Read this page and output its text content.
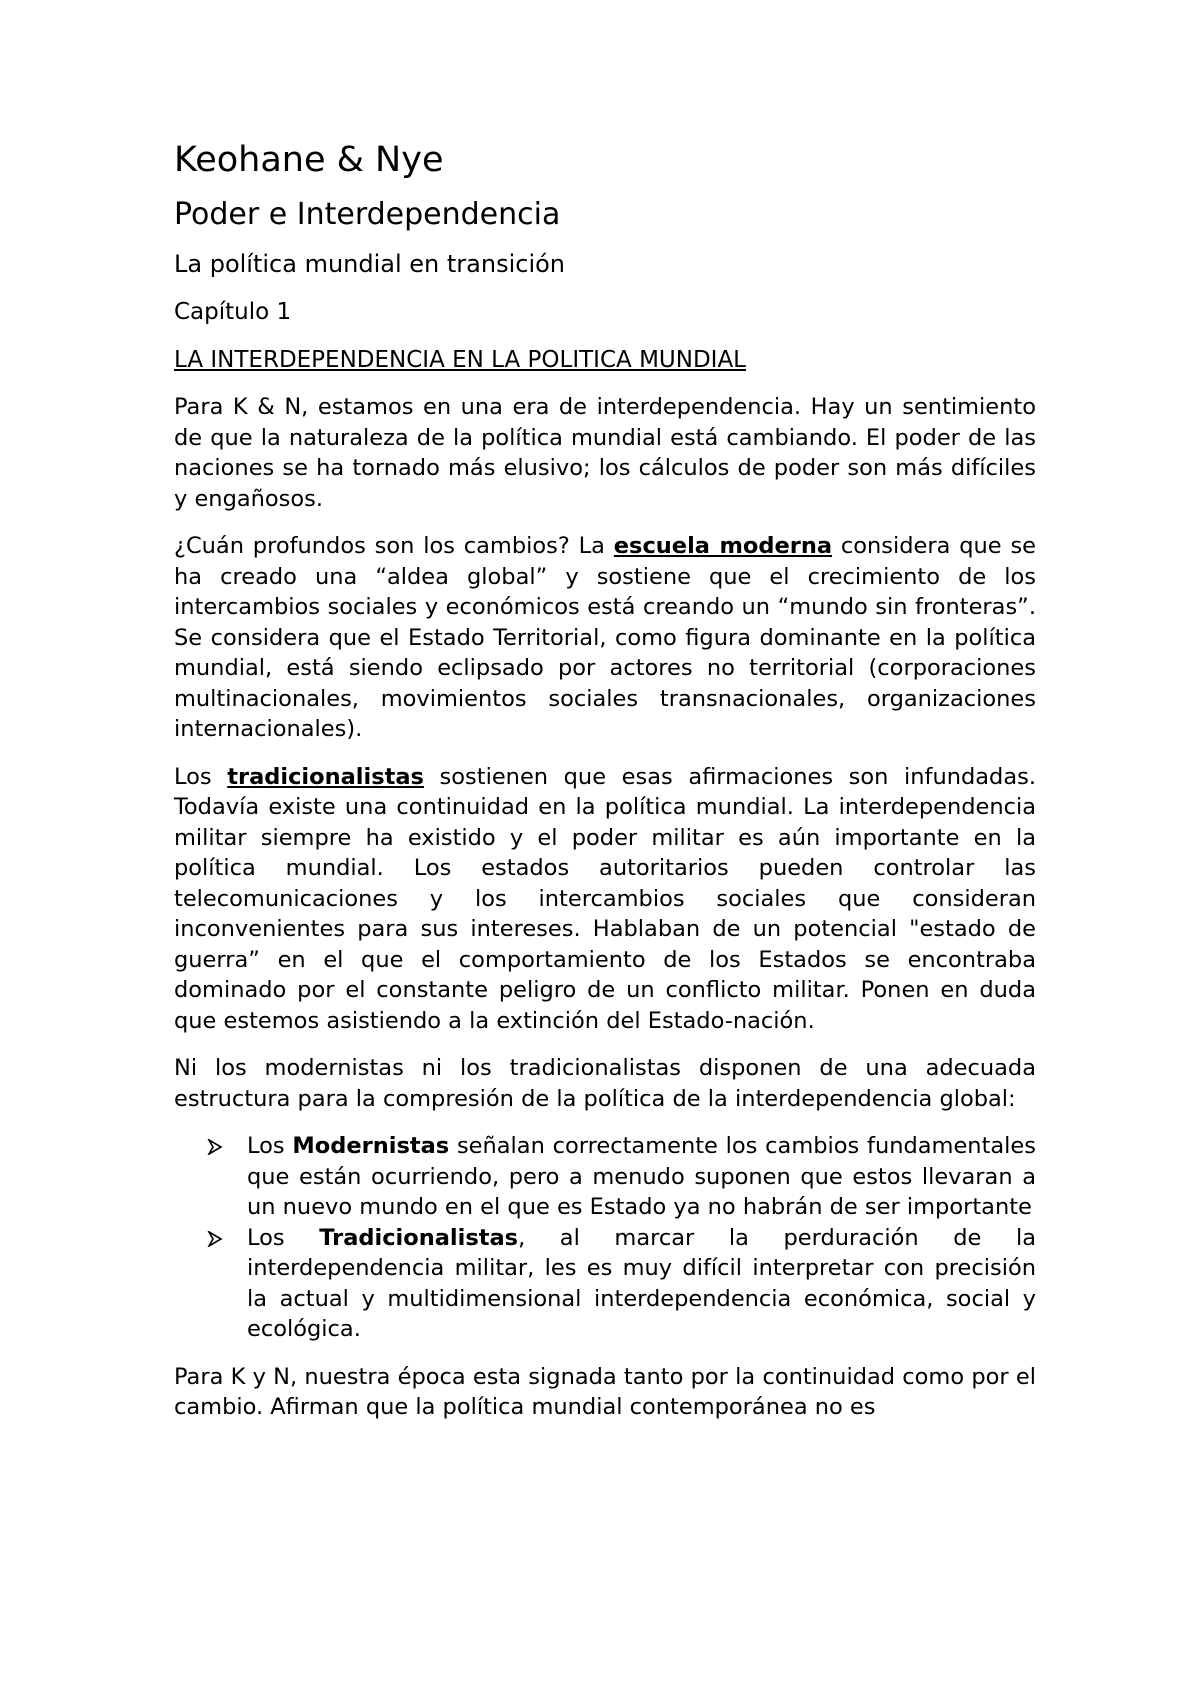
Keohane & Nye
Poder e Interdependencia
La política mundial en transición
Capítulo 1
LA INTERDEPENDENCIA EN LA POLITICA MUNDIAL

Para K & N, estamos en una era de interdependencia. Hay un sentimiento de que la naturaleza de la política mundial está cambiando. El poder de las naciones se ha tornado más elusivo; los cálculos de poder son más difíciles y engañosos.

¿Cuán profundos son los cambios? La escuela moderna considera que se ha creado una “aldea global” y sostiene que el crecimiento de los intercambios sociales y económicos está creando un “mundo sin fronteras”. Se considera que el Estado Territorial, como figura dominante en la política mundial, está siendo eclipsado por actores no territorial (corporaciones multinacionales, movimientos sociales transnacionales, organizaciones internacionales).

Los tradicionalistas sostienen que esas afirmaciones son infundadas. Todavía existe una continuidad en la política mundial. La interdependencia militar siempre ha existido y el poder militar es aún importante en la política mundial. Los estados autoritarios pueden controlar las telecomunicaciones y los intercambios sociales que consideran inconvenientes para sus intereses. Hablaban de un potencial "estado de guerra” en el que el comportamiento de los Estados se encontraba dominado por el constante peligro de un conflicto militar. Ponen en duda que estemos asistiendo a la extinción del Estado-nación.

Ni los modernistas ni los tradicionalistas disponen de una adecuada estructura para la compresión de la política de la interdependencia global:

Los Modernistas señalan correctamente los cambios fundamentales que están ocurriendo, pero a menudo suponen que estos llevaran a un nuevo mundo en el que es Estado ya no habrán de ser importante
Los Tradicionalistas, al marcar la perduración de la interdependencia militar, les es muy difícil interpretar con precisión la actual y multidimensional interdependencia económica, social y ecológica.

Para K y N, nuestra época esta signada tanto por la continuidad como por el cambio. Afirman que la política mundial contemporánea no es
